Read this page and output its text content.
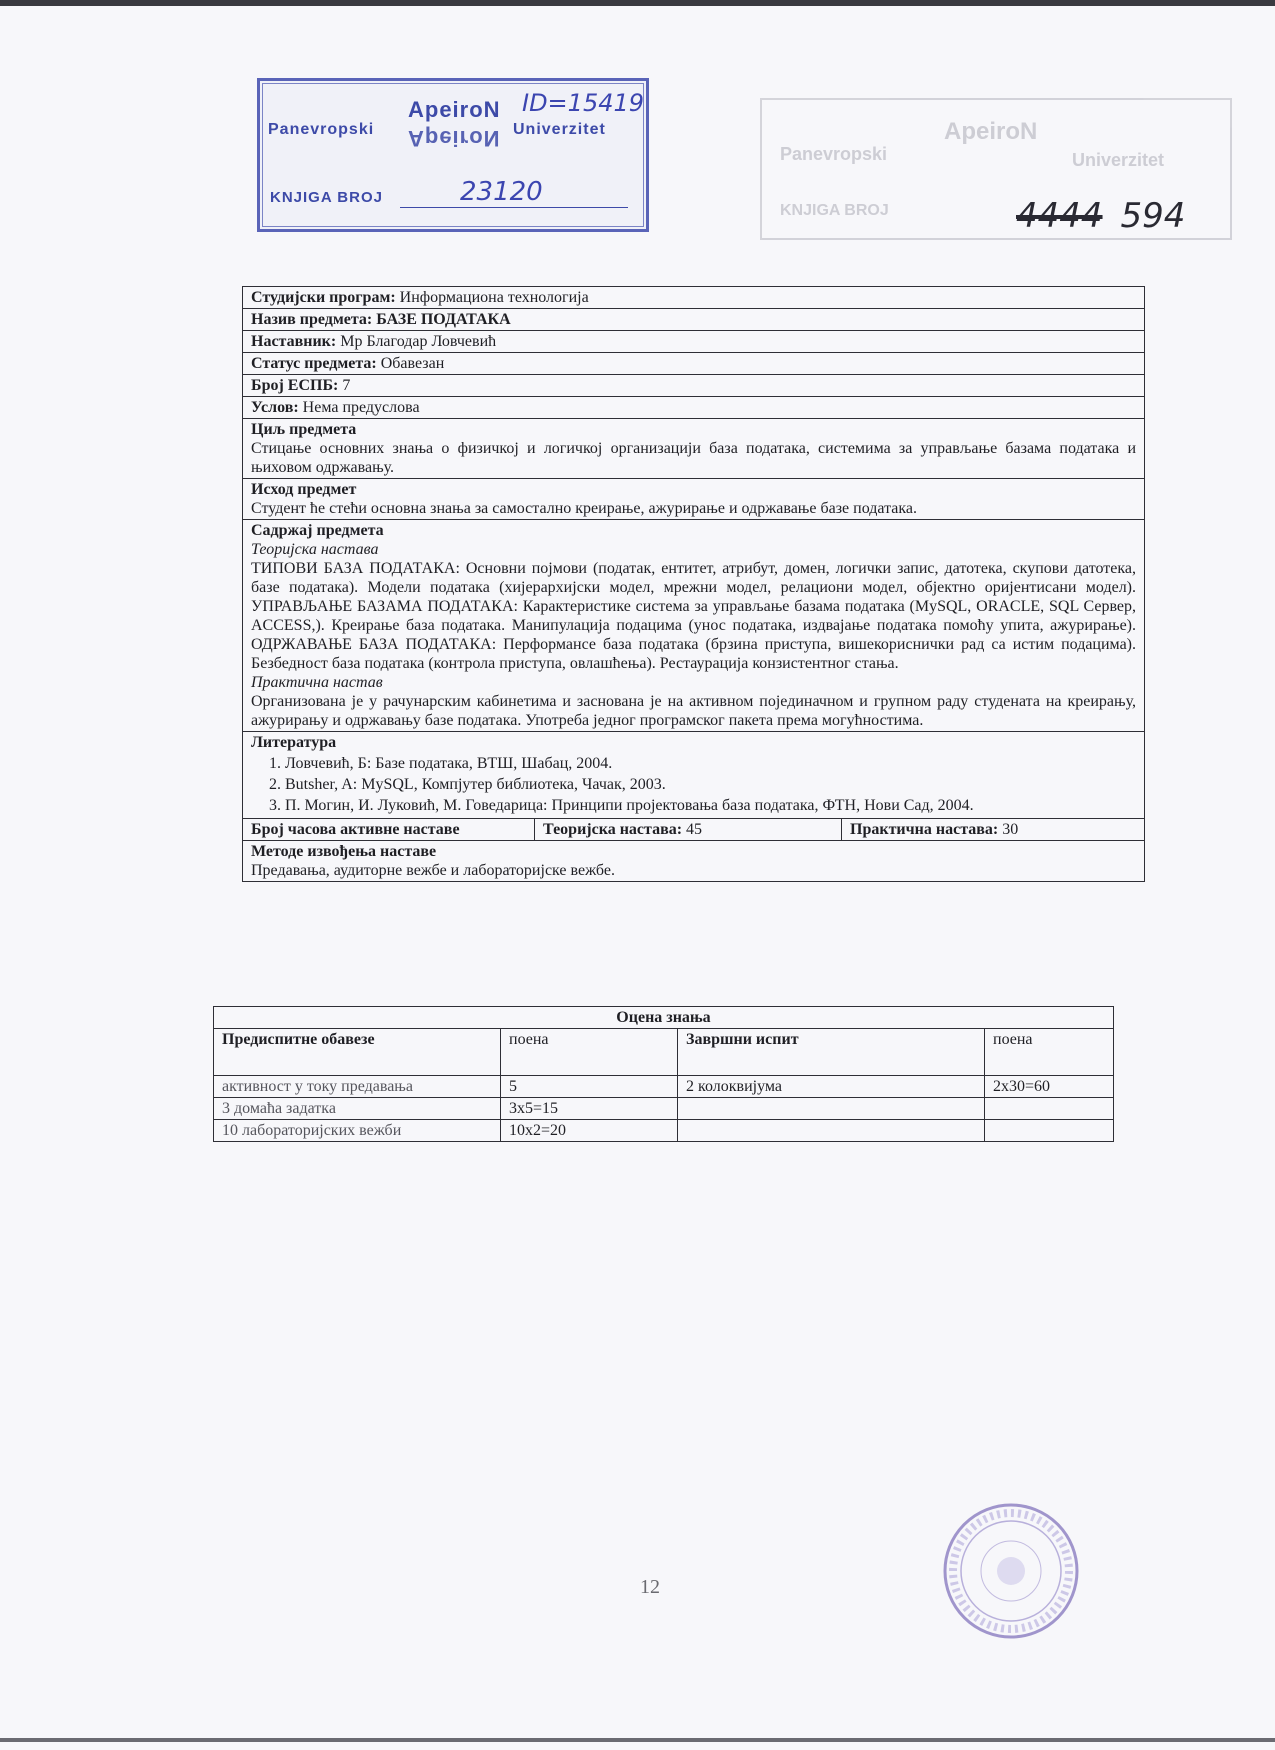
Panevropski
ApeiroN
ApeiroN Univerzitet
ID=15419
KNJIGA BROJ	23120
Panevropski
ApeiroN
Univerzitet
KNJIGA BROJ	4444 594
Студијски програм: Информациона технологија
Назив предмета: БАЗЕ ПОДАТАКА
Наставник: Мр Благодар Ловчевић
Статус предмета: Обавезан
Број ЕСПБ: 7
Услов: Нема предуслова

Циљ предмета
Стицање основних знања о физичкој и логичкој организацији база података, системима за управљање базама података и њиховом одржавању.

Исход предмет
Студент ће стећи основна знања за самостално креирање, ажурирање и одржавање базе података.

Садржај предмета
Теоријска настава
ТИПОВИ БАЗА ПОДАТАКА: Основни појмови (податак, ентитет, атрибут, домен, логички запис, датотека, скупови датотека, базе података). Модели података (хијерархијски модел, мрежни модел, релациони модел, објектно оријентисани модел). УПРАВЉАЊЕ БАЗАМА ПОДАТАКА: Карактеристике система за управљање базама података (MySQL, ORACLE, SQL Сервер, ACCESS,). Креирање база података. Манипулација подацима (унос података, издвајање података помоћу упита, ажурирање). ОДРЖАВАЊЕ БАЗА ПОДАТАКА: Перформансе база података (брзина приступа, вишекориснички рад са истим подацима). Безбедност база података (контрола приступа, овлашћења). Рестаурација конзистентног стања.
Практична настав
Организована је у рачунарским кабинетима и заснована је на активном појединачном и групном раду студената на креирању, ажурирању и одржавању базе података. Употреба једног програмског пакета према могућностима.

Литература
1. Ловчевић, Б: Базе података, ВТШ, Шабац, 2004.
2. Butsher, A: MySQL, Компјутер библиотека, Чачак, 2003.
3. П. Могин, И. Луковић, М. Говедарица: Принципи пројектовања база података, ФТН, Нови Сад, 2004.

Број часова активне наставе	Теоријска настава: 45	Практична настава: 30

Методе извођења наставе
Предавања, аудиторне вежбе и лабораторијске вежбе.
Оцена знања			
Предиспитне обавезе	поена	Завршни испит	поена
активност у току предавања	5	2 колоквијума	2x30=60
3 домаћа задатка	3x5=15		
10 лабораторијских вежби	10x2=20		
12
